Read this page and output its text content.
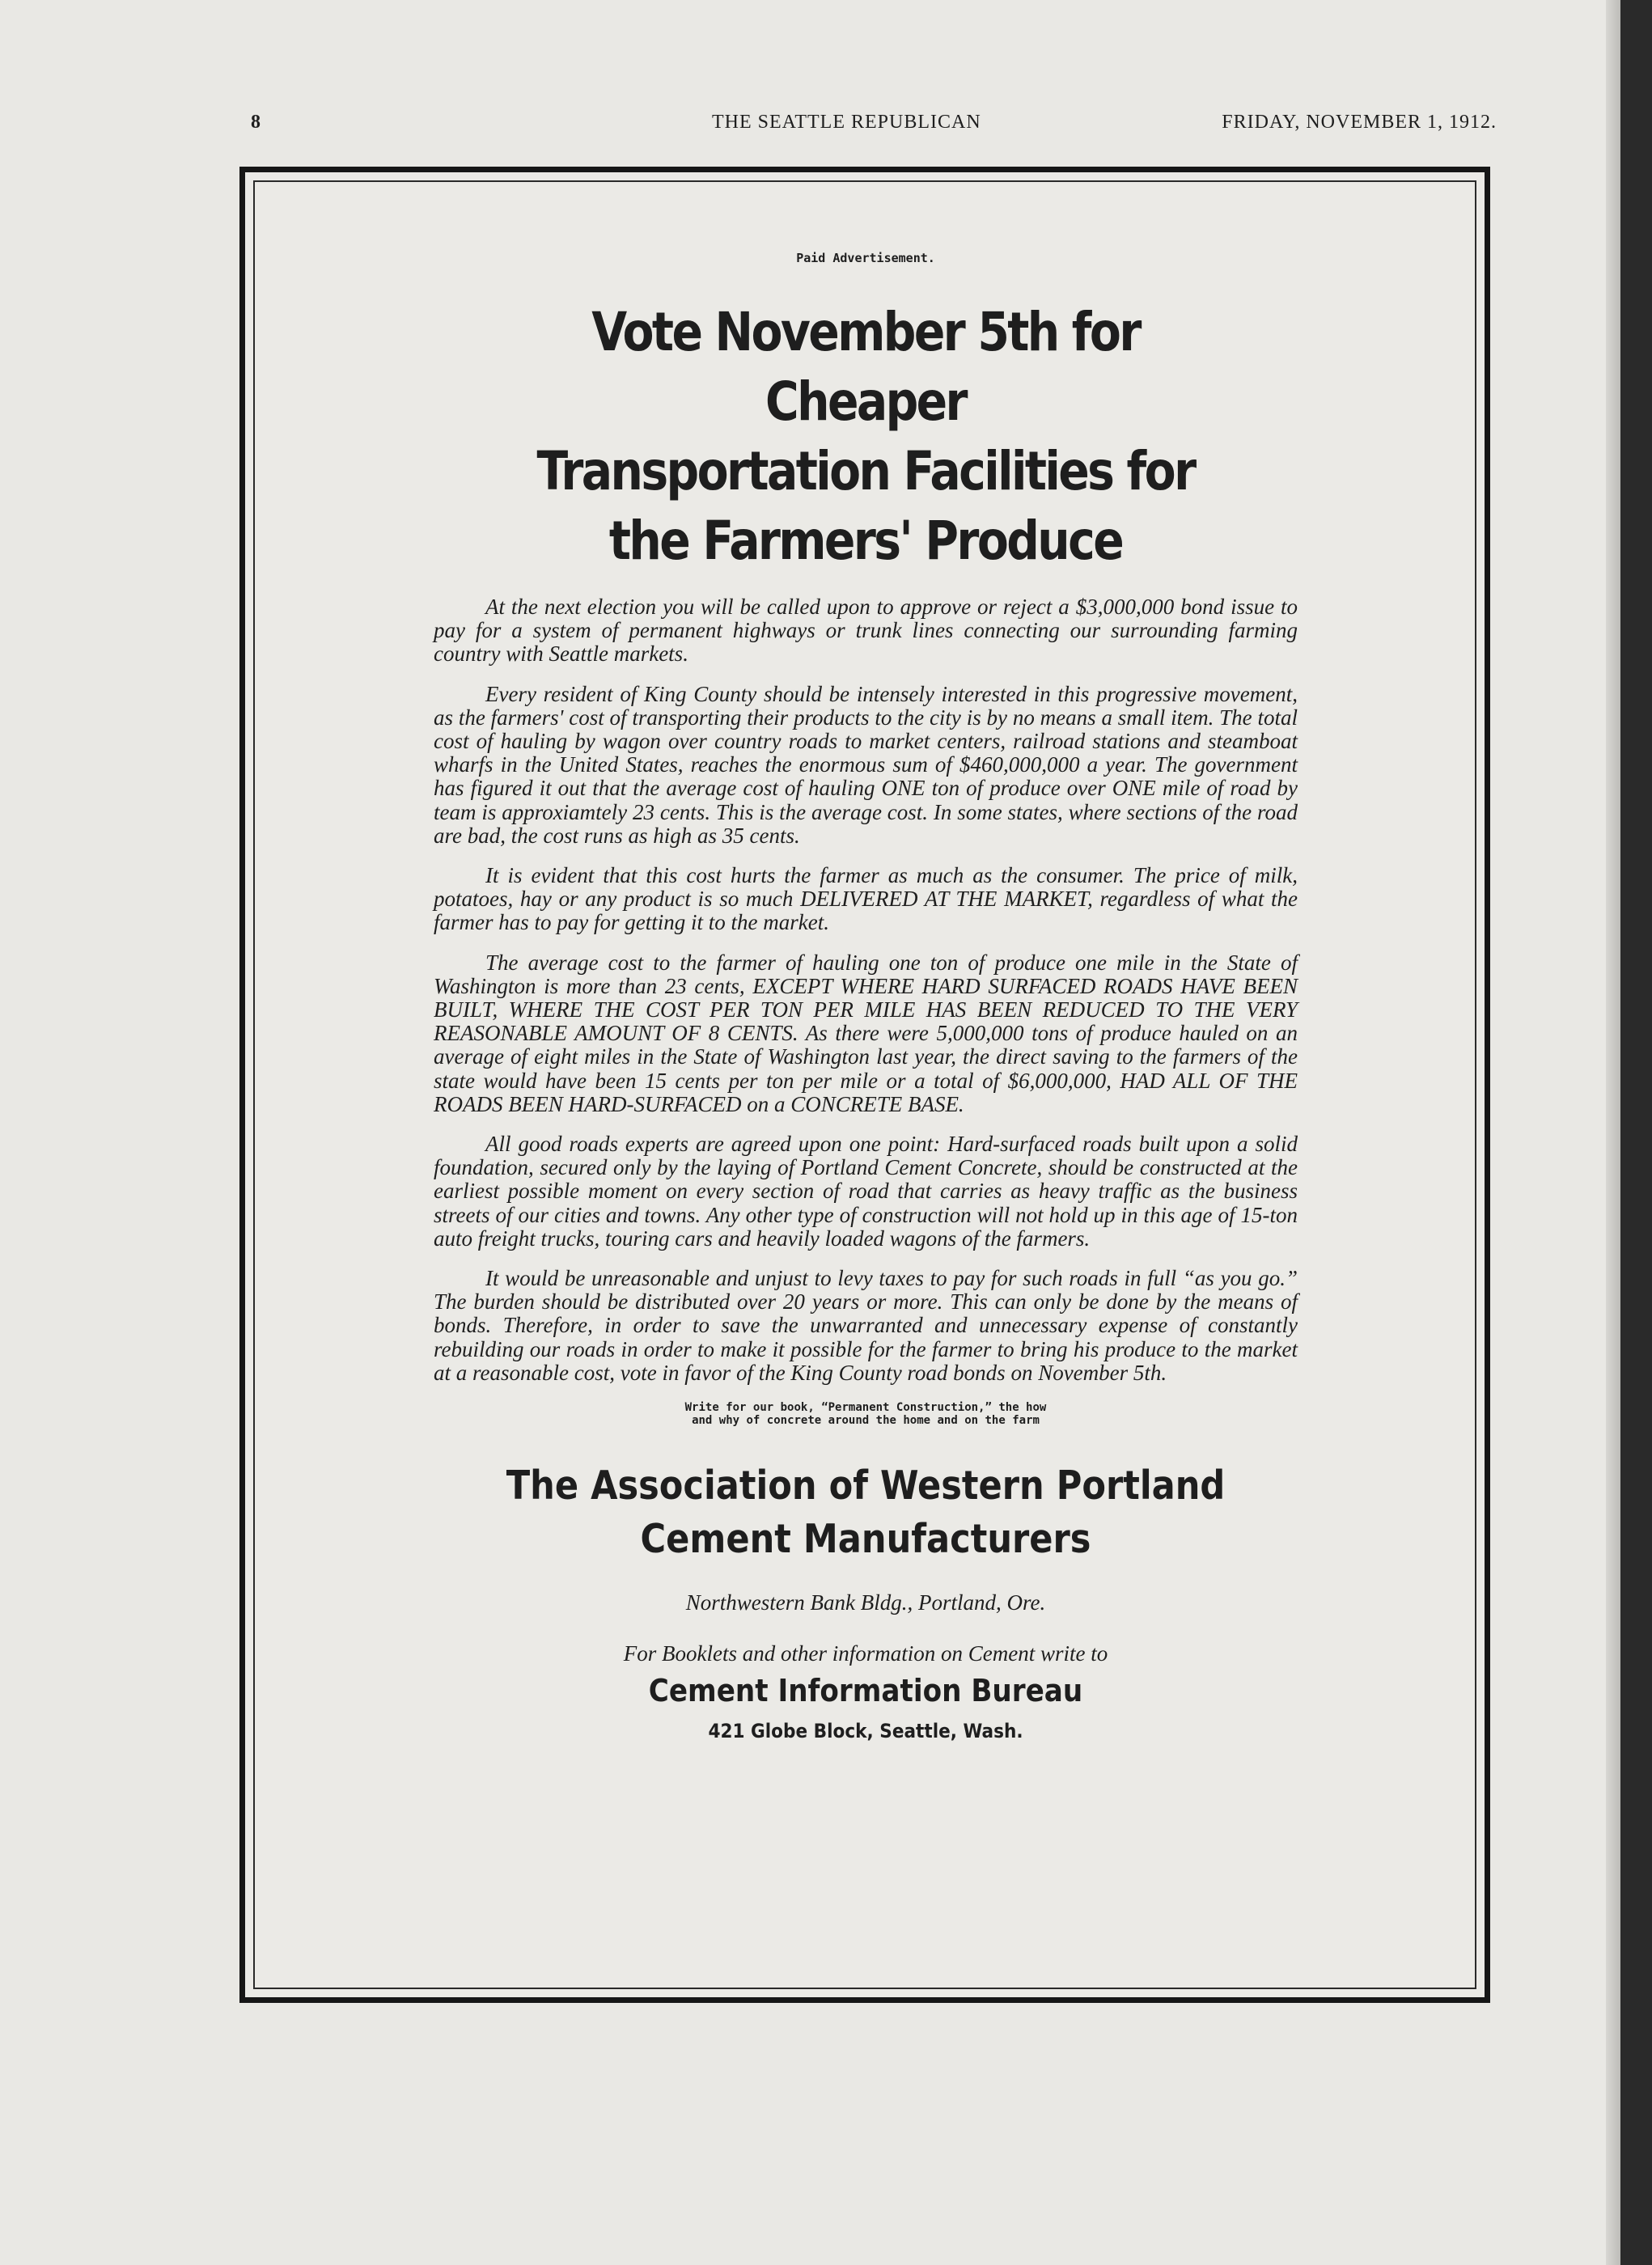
8	THE SEATTLE REPUBLICAN	FRIDAY, NOVEMBER 1, 1912.
Paid Advertisement.
Vote November 5th for Cheaper
Transportation Facilities for
the Farmers' Produce

At the next election you will be called upon to approve or reject a $3,000,000 bond issue to pay for a system of permanent highways or trunk lines connecting our surrounding farming country with Seattle markets.

Every resident of King County should be intensely interested in this progressive movement, as the farmers' cost of transporting their products to the city is by no means a small item. The total cost of hauling by wagon over country roads to market centers, railroad stations and steamboat wharfs in the United States, reaches the enormous sum of $460,000,000 a year. The government has figured it out that the average cost of hauling ONE ton of produce over ONE mile of road by team is approxiamtely 23 cents. This is the average cost. In some states, where sections of the road are bad, the cost runs as high as 35 cents.

It is evident that this cost hurts the farmer as much as the consumer. The price of milk, potatoes, hay or any product is so much DELIVERED AT THE MARKET, regardless of what the farmer has to pay for getting it to the market.

The average cost to the farmer of hauling one ton of produce one mile in the State of Washington is more than 23 cents, EXCEPT WHERE HARD SURFACED ROADS HAVE BEEN BUILT, WHERE THE COST PER TON PER MILE HAS BEEN REDUCED TO THE VERY REASONABLE AMOUNT OF 8 CENTS. As there were 5,000,000 tons of produce hauled on an average of eight miles in the State of Washington last year, the direct saving to the farmers of the state would have been 15 cents per ton per mile or a total of $6,000,000, HAD ALL OF THE ROADS BEEN HARD-SURFACED on a CONCRETE BASE.

All good roads experts are agreed upon one point: Hard-surfaced roads built upon a solid foundation, secured only by the laying of Portland Cement Concrete, should be constructed at the earliest possible moment on every section of road that carries as heavy traffic as the business streets of our cities and towns. Any other type of construction will not hold up in this age of 15-ton auto freight trucks, touring cars and heavily loaded wagons of the farmers.

It would be unreasonable and unjust to levy taxes to pay for such roads in full “as you go.” The burden should be distributed over 20 years or more. This can only be done by the means of bonds. Therefore, in order to save the unwarranted and unnecessary expense of constantly rebuilding our roads in order to make it possible for the farmer to bring his produce to the market at a reasonable cost, vote in favor of the King County road bonds on November 5th.

Write for our book, “Permanent Construction,” the how
and why of concrete around the home and on the farm
The Association of Western Portland
Cement Manufacturers
Northwestern Bank Bldg., Portland, Ore.
For Booklets and other information on Cement write to
Cement Information Bureau
421 Globe Block, Seattle, Wash.
